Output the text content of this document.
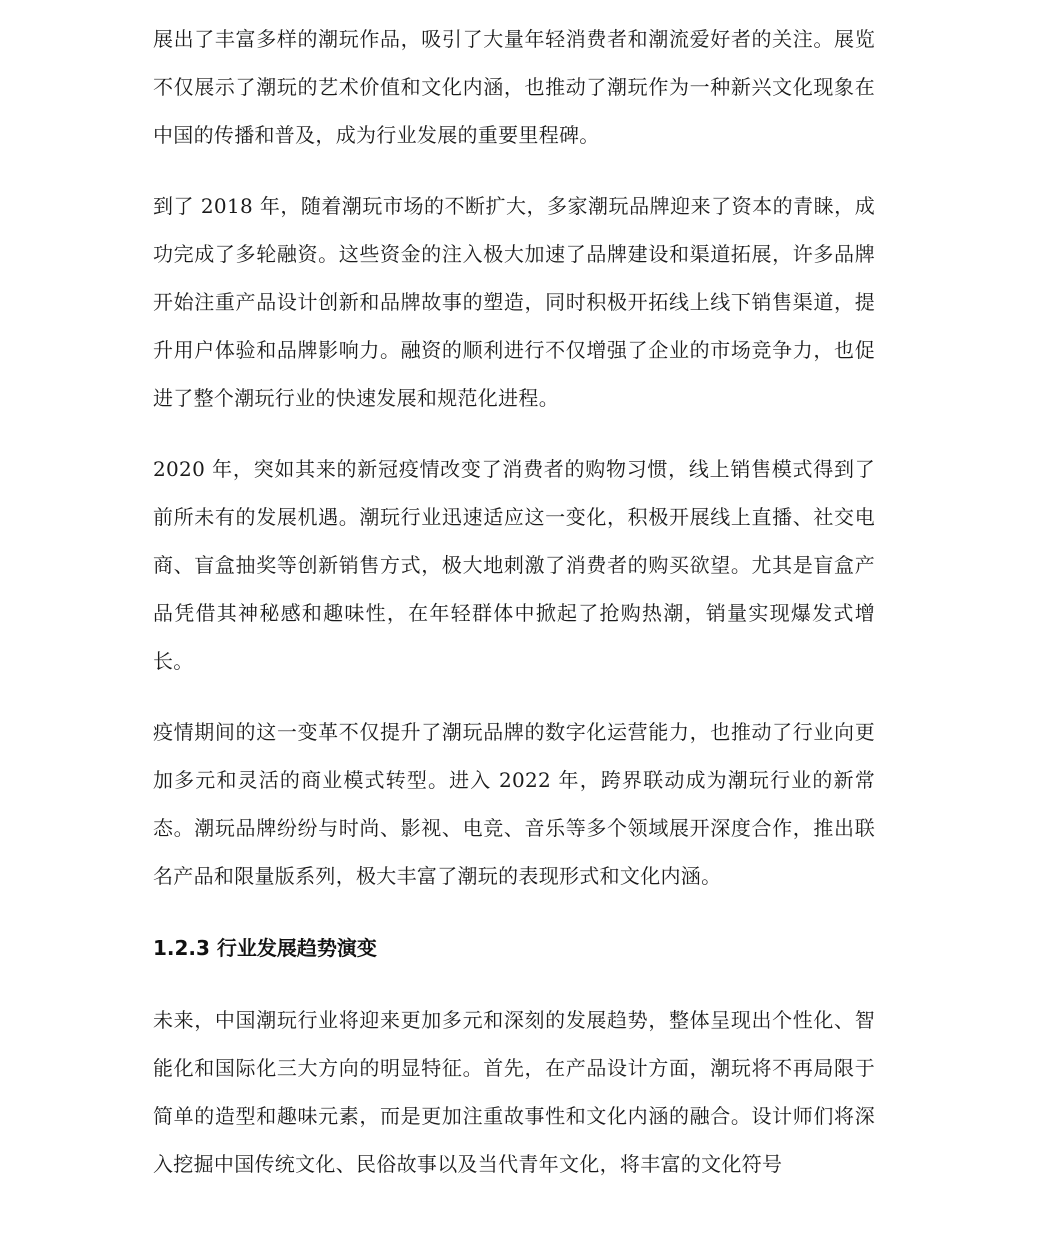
展出了丰富多样的潮玩作品，吸引了大量年轻消费者和潮流爱好者的关注。展览不仅展示了潮玩的艺术价值和文化内涵，也推动了潮玩作为一种新兴文化现象在中国的传播和普及，成为行业发展的重要里程碑。

到了 2018 年，随着潮玩市场的不断扩大，多家潮玩品牌迎来了资本的青睐，成功完成了多轮融资。这些资金的注入极大加速了品牌建设和渠道拓展，许多品牌开始注重产品设计创新和品牌故事的塑造，同时积极开拓线上线下销售渠道，提升用户体验和品牌影响力。融资的顺利进行不仅增强了企业的市场竞争力，也促进了整个潮玩行业的快速发展和规范化进程。

2020 年，突如其来的新冠疫情改变了消费者的购物习惯，线上销售模式得到了前所未有的发展机遇。潮玩行业迅速适应这一变化，积极开展线上直播、社交电商、盲盒抽奖等创新销售方式，极大地刺激了消费者的购买欲望。尤其是盲盒产品凭借其神秘感和趣味性，在年轻群体中掀起了抢购热潮，销量实现爆发式增长。

疫情期间的这一变革不仅提升了潮玩品牌的数字化运营能力，也推动了行业向更加多元和灵活的商业模式转型。进入 2022 年，跨界联动成为潮玩行业的新常态。潮玩品牌纷纷与时尚、影视、电竞、音乐等多个领域展开深度合作，推出联名产品和限量版系列，极大丰富了潮玩的表现形式和文化内涵。

1.2.3 行业发展趋势演变

未来，中国潮玩行业将迎来更加多元和深刻的发展趋势，整体呈现出个性化、智能化和国际化三大方向的明显特征。首先，在产品设计方面，潮玩将不再局限于简单的造型和趣味元素，而是更加注重故事性和文化内涵的融合。设计师们将深入挖掘中国传统文化、民俗故事以及当代青年文化，将丰富的文化符号
